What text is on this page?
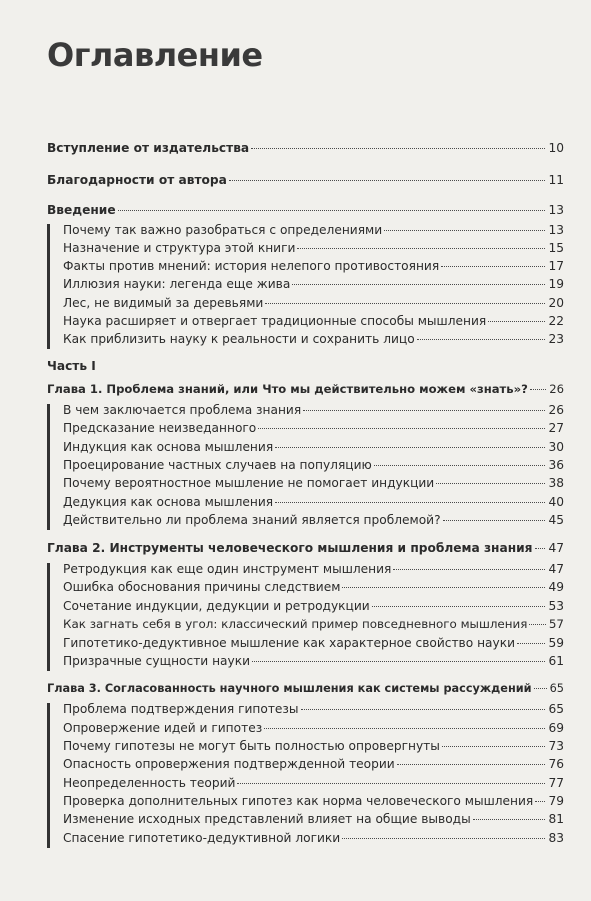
Оглавление
Вступление от издательства	10
Благодарности от автора	11
Введение	13
Почему так важно разобраться с определениями	13
Назначение и структура этой книги	15
Факты против мнений: история нелепого противостояния	17
Иллюзия науки: легенда еще жива	19
Лес, не видимый за деревьями	20
Наука расширяет и отвергает традиционные способы мышления	22
Как приблизить науку к реальности и сохранить лицо	23
Часть I
Глава 1. Проблема знаний, или Что мы действительно можем «знать»? 26
В чем заключается проблема знания	26
Предсказание неизведанного	27
Индукция как основа мышления	30
Проецирование частных случаев на популяцию	36
Почему вероятностное мышление не помогает индукции	38
Дедукция как основа мышления	40
Действительно ли проблема знаний является проблемой?	45
Глава 2. Инструменты человеческого мышления и проблема знания 47
Ретродукция как еще один инструмент мышления	47
Ошибка обоснования причины следствием	49
Сочетание индукции, дедукции и ретродукции	53
Как загнать себя в угол: классический пример повседневного мышления 57
Гипотетико-дедуктивное мышление как характерное свойство науки	59
Призрачные сущности науки	61
Глава 3. Согласованность научного мышления как системы рассуждений 65
Проблема подтверждения гипотезы	65
Опровержение идей и гипотез	69
Почему гипотезы не могут быть полностью опровергнуты	73
Опасность опровержения подтвержденной теории	76
Неопределенность теорий	77
Проверка дополнительных гипотез как норма человеческого мышления 79
Изменение исходных представлений влияет на общие выводы	81
Спасение гипотетико-дедуктивной логики	83
